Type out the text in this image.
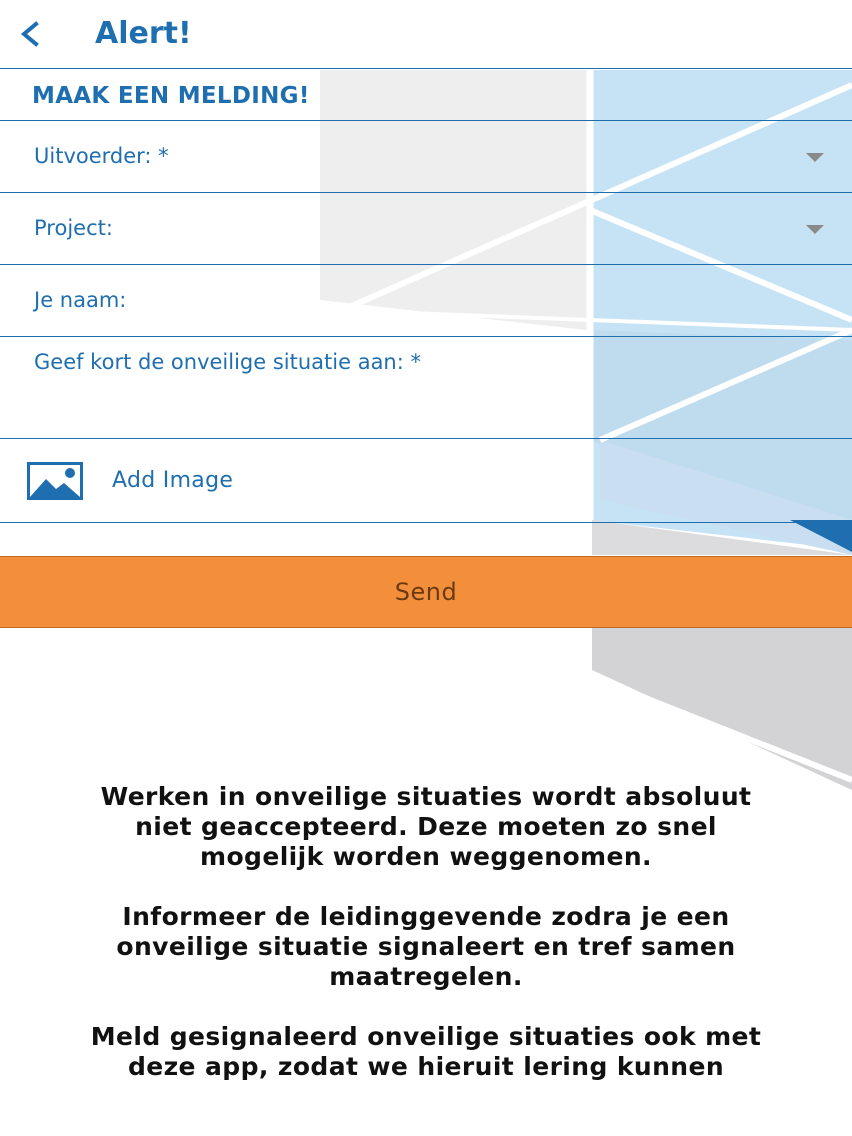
Alert!
MAAK EEN MELDING!
Uitvoerder: *
Project:
Je naam:
Geef kort de onveilige situatie aan: *
Add Image
Send

Werken in onveilige situaties wordt absoluut
niet geaccepteerd. Deze moeten zo snel
mogelijk worden weggenomen.

Informeer de leidinggevende zodra je een
onveilige situatie signaleert en tref samen
maatregelen.

Meld gesignaleerd onveilige situaties ook met
deze app, zodat we hieruit lering kunnen
